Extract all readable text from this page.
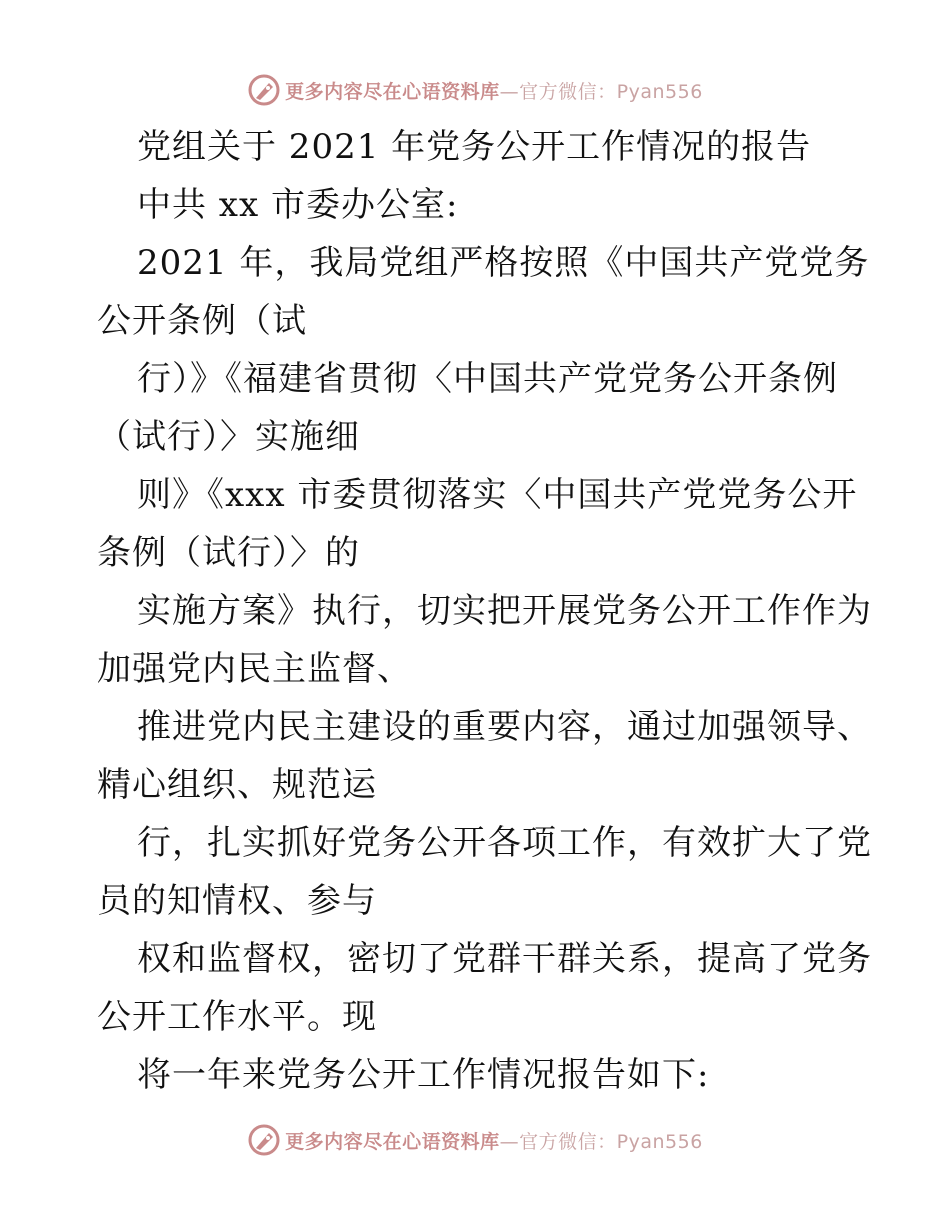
更多内容尽在心语资料库—官方微信：Pyan556
党组关于 2021 年党务公开工作情况的报告
中共 xx 市委办公室:
2021 年，我局党组严格按照《中国共产党党务
公开条例（试
行）》《福建省贯彻〈中国共产党党务公开条例
（试行）〉实施细
则》《xxx 市委贯彻落实〈中国共产党党务公开
条例（试行）〉的
实施方案》执行，切实把开展党务公开工作作为
加强党内民主监督、
推进党内民主建设的重要内容，通过加强领导、
精心组织、规范运
行，扎实抓好党务公开各项工作，有效扩大了党
员的知情权、参与
权和监督权，密切了党群干群关系，提高了党务
公开工作水平。现
将一年来党务公开工作情况报告如下:
更多内容尽在心语资料库—官方微信：Pyan556
